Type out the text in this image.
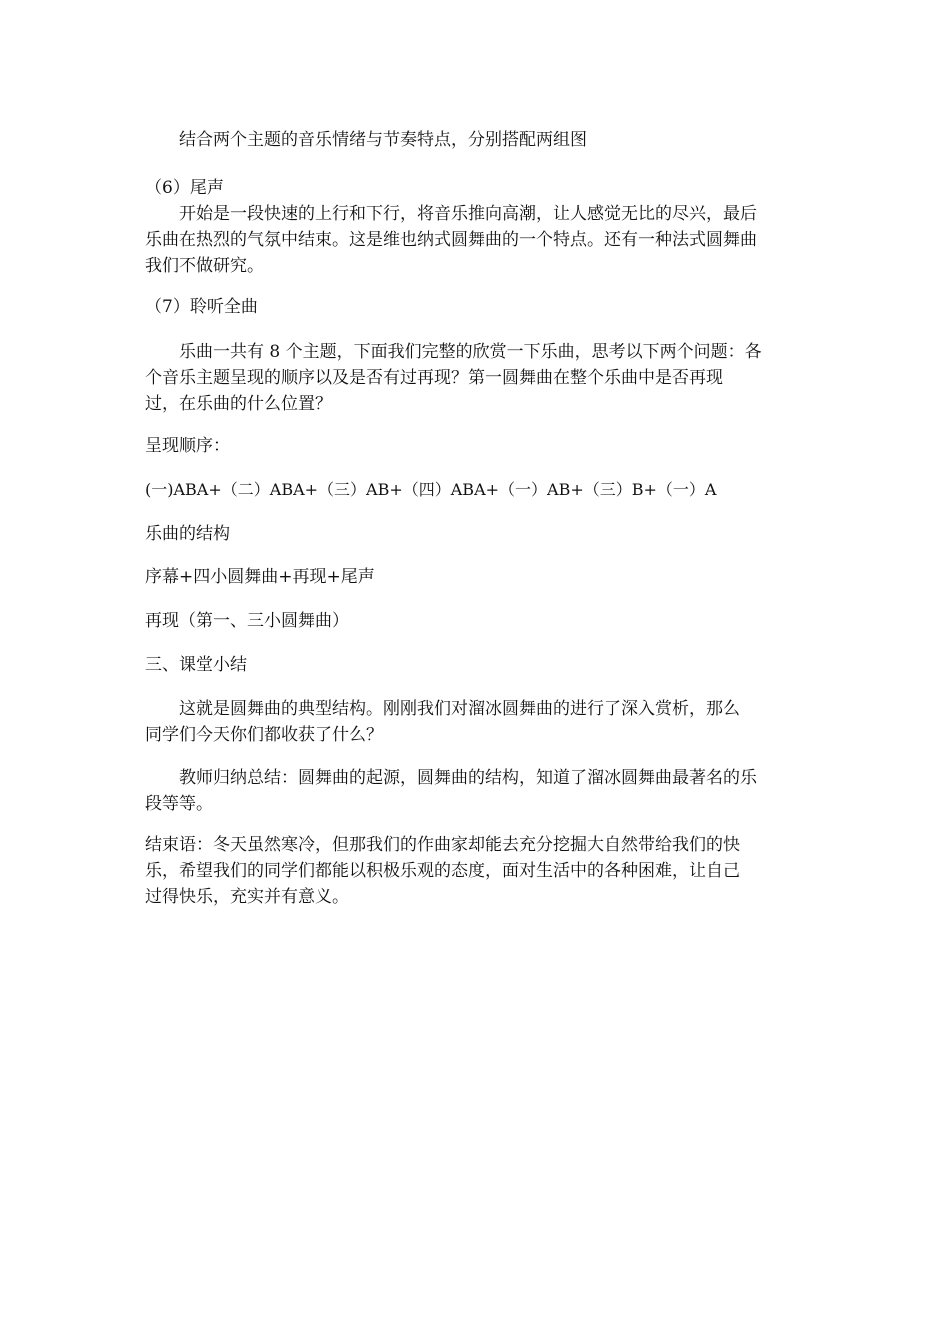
结合两个主题的音乐情绪与节奏特点，分别搭配两组图

（6）尾声

开始是一段快速的上行和下行，将音乐推向高潮，让人感觉无比的尽兴，最后
乐曲在热烈的气氛中结束。这是维也纳式圆舞曲的一个特点。还有一种法式圆舞曲
我们不做研究。

（7）聆听全曲

乐曲一共有 8 个主题，下面我们完整的欣赏一下乐曲，思考以下两个问题：各
个音乐主题呈现的顺序以及是否有过再现？第一圆舞曲在整个乐曲中是否再现
过，在乐曲的什么位置？

呈现顺序：

(一)ABA+（二）ABA+（三）AB+（四）ABA+（一）AB+（三）B+（一）A

乐曲的结构

序幕+四小圆舞曲+再现+尾声

再现（第一、三小圆舞曲）

三、课堂小结

这就是圆舞曲的典型结构。刚刚我们对溜冰圆舞曲的进行了深入赏析，那么
同学们今天你们都收获了什么？

教师归纳总结：圆舞曲的起源，圆舞曲的结构，知道了溜冰圆舞曲最著名的乐
段等等。

结束语：冬天虽然寒冷，但那我们的作曲家却能去充分挖掘大自然带给我们的快
乐，希望我们的同学们都能以积极乐观的态度，面对生活中的各种困难，让自己
过得快乐，充实并有意义。
